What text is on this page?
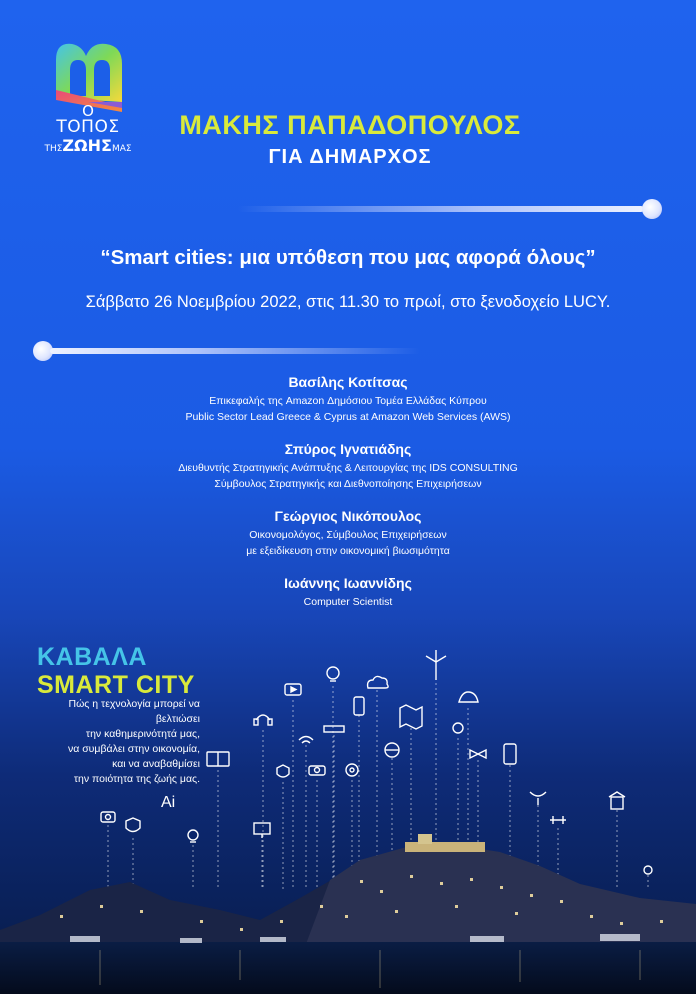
Ο
ΤΟΠΟΣ
ΤΗΣΖΩΗΣΜΑΣ
ΜΑΚΗΣ ΠΑΠΑΔΟΠΟΥΛΟΣ
ΓΙΑ ΔΗΜΑΡΧΟΣ
“Smart cities: μια υπόθεση που μας αφορά όλους”
Σάββατο 26 Νοεμβρίου 2022, στις 11.30 το πρωί, στο ξενοδοχείο LUCY.
Βασίλης Κοτίτσας
Επικεφαλής της Amazon Δημόσιου Τομέα Ελλάδας Κύπρου
Public Sector Lead Greece & Cyprus at Amazon Web Services (AWS)
Σπύρος Ιγνατιάδης
Διευθυντής Στρατηγικής Ανάπτυξης & Λειτουργίας της IDS CONSULTING
Σύμβουλος Στρατηγικής και Διεθνοποίησης Επιχειρήσεων
Γεώργιος Νικόπουλος
Οικονομολόγος, Σύμβουλος Επιχειρήσεων
με εξειδίκευση στην οικονομική βιωσιμότητα
Ιωάννης Ιωαννίδης
Computer Scientist
Ai
ΚΑΒΑΛΑ
SMART CITY
Πώς η τεχνολογία μπορεί να βελτιώσει
την καθημερινότητά μας,
να συμβάλει στην οικονομία,
και να αναβαθμίσει
την ποιότητα της ζωής μας.
